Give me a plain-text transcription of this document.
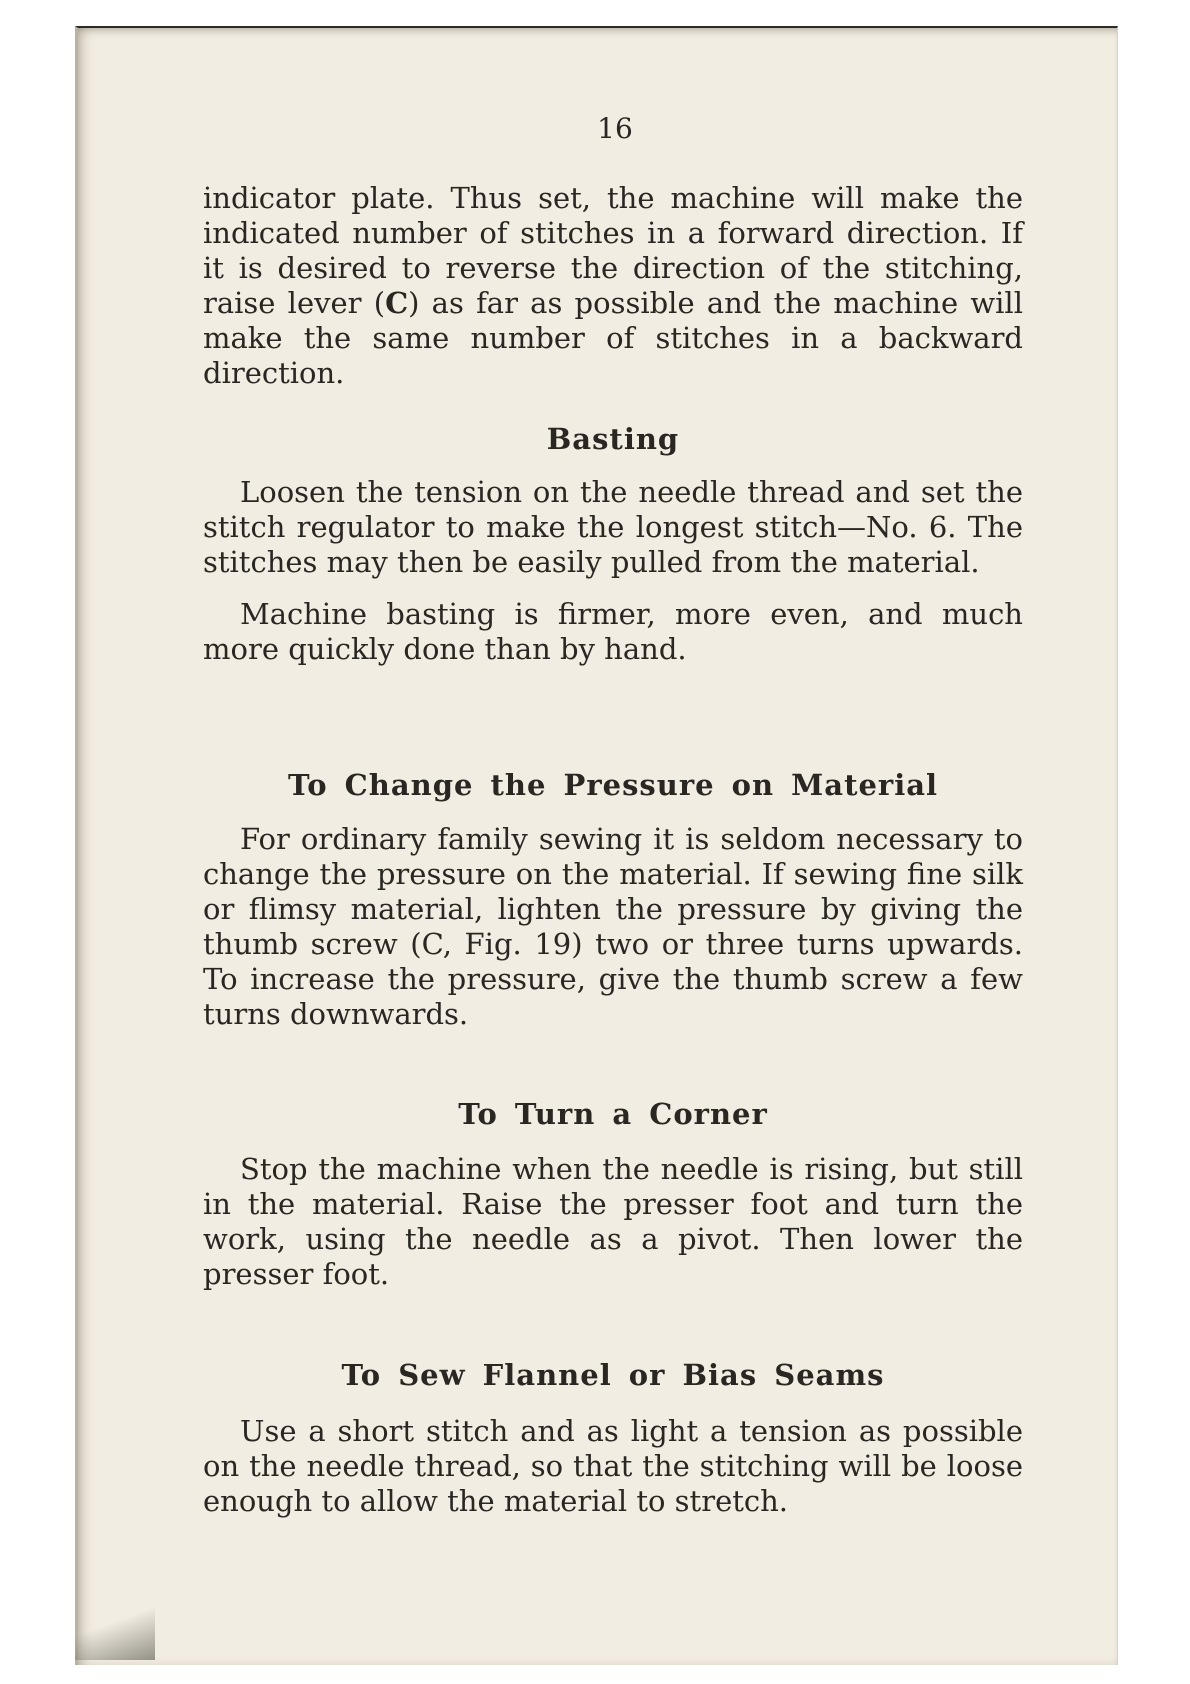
16

indicator plate. Thus set, the machine will make the indicated number of stitches in a forward direction. If it is desired to reverse the direction of the stitching, raise lever (C) as far as possible and the machine will make the same number of stitches in a backward direction.

Basting

Loosen the tension on the needle thread and set the stitch regulator to make the longest stitch—No. 6. The stitches may then be easily pulled from the material.

Machine basting is firmer, more even, and much more quickly done than by hand.

To Change the Pressure on Material

For ordinary family sewing it is seldom necessary to change the pressure on the material. If sewing fine silk or flimsy material, lighten the pressure by giving the thumb screw (C, Fig. 19) two or three turns upwards. To increase the pressure, give the thumb screw a few turns downwards.

To Turn a Corner

Stop the machine when the needle is rising, but still in the material. Raise the presser foot and turn the work, using the needle as a pivot. Then lower the presser foot.

To Sew Flannel or Bias Seams

Use a short stitch and as light a tension as possible on the needle thread, so that the stitching will be loose enough to allow the material to stretch.
